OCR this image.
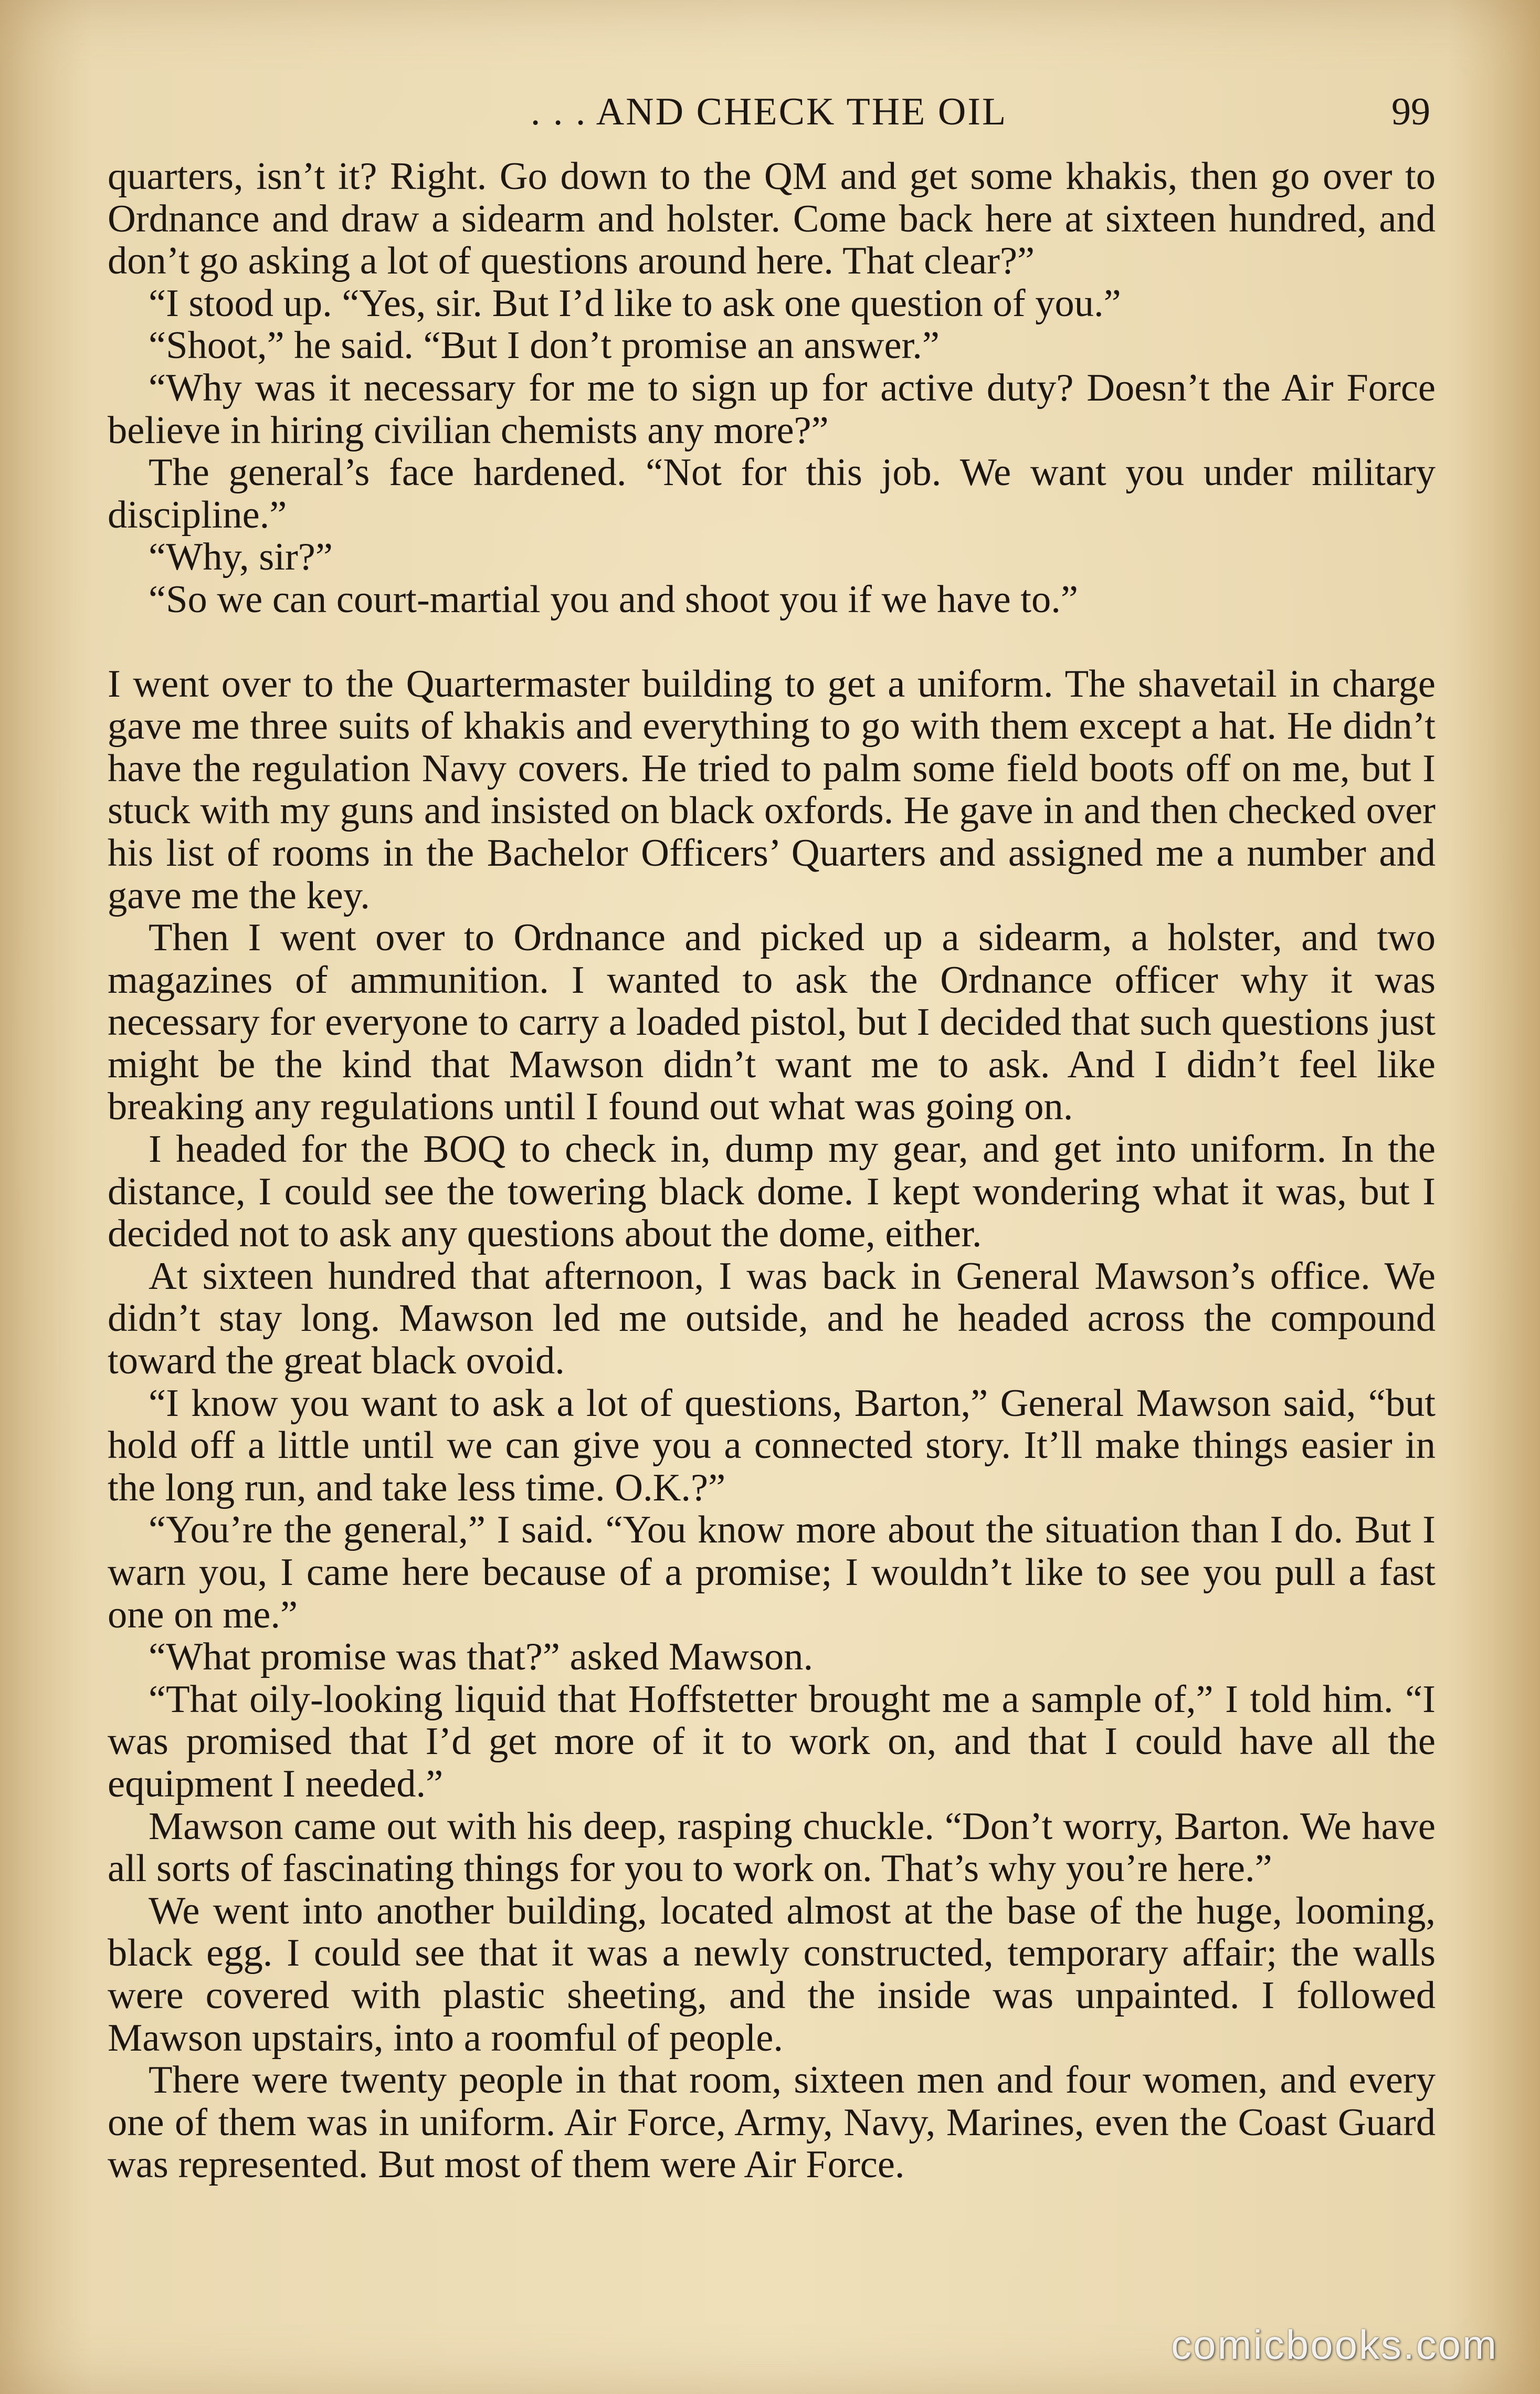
. . . AND CHECK THE OIL	99

quarters, isn’t it? Right. Go down to the QM and get some khakis, then go over to Ordnance and draw a sidearm and holster. Come back here at sixteen hundred, and don’t go asking a lot of questions around here. That clear?”

“I stood up. “Yes, sir. But I’d like to ask one question of you.”

“Shoot,” he said. “But I don’t promise an answer.”

“Why was it necessary for me to sign up for active duty? Doesn’t the Air Force believe in hiring civilian chemists any more?”

The general’s face hardened. “Not for this job. We want you under military discipline.”

“Why, sir?”

“So we can court-martial you and shoot you if we have to.”

I went over to the Quartermaster building to get a uniform. The shavetail in charge gave me three suits of khakis and everything to go with them except a hat. He didn’t have the regulation Navy covers. He tried to palm some field boots off on me, but I stuck with my guns and insisted on black oxfords. He gave in and then checked over his list of rooms in the Bachelor Officers’ Quarters and assigned me a number and gave me the key.

Then I went over to Ordnance and picked up a sidearm, a holster, and two magazines of ammunition. I wanted to ask the Ordnance officer why it was necessary for everyone to carry a loaded pistol, but I decided that such questions just might be the kind that Mawson didn’t want me to ask. And I didn’t feel like breaking any regulations until I found out what was going on.

I headed for the BOQ to check in, dump my gear, and get into uniform. In the distance, I could see the towering black dome. I kept wondering what it was, but I decided not to ask any questions about the dome, either.

At sixteen hundred that afternoon, I was back in General Mawson’s office. We didn’t stay long. Mawson led me outside, and he headed across the compound toward the great black ovoid.

“I know you want to ask a lot of questions, Barton,” General Mawson said, “but hold off a little until we can give you a connected story. It’ll make things easier in the long run, and take less time. O.K.?”

“You’re the general,” I said. “You know more about the situation than I do. But I warn you, I came here because of a promise; I wouldn’t like to see you pull a fast one on me.”

“What promise was that?” asked Mawson.

“That oily-looking liquid that Hoffstetter brought me a sample of,” I told him. “I was promised that I’d get more of it to work on, and that I could have all the equipment I needed.”

Mawson came out with his deep, rasping chuckle. “Don’t worry, Barton. We have all sorts of fascinating things for you to work on. That’s why you’re here.”

We went into another building, located almost at the base of the huge, looming, black egg. I could see that it was a newly constructed, temporary affair; the walls were covered with plastic sheeting, and the inside was unpainted. I followed Mawson upstairs, into a roomful of people.

There were twenty people in that room, sixteen men and four women, and every one of them was in uniform. Air Force, Army, Navy, Marines, even the Coast Guard was represented. But most of them were Air Force.

comicbooks.com
